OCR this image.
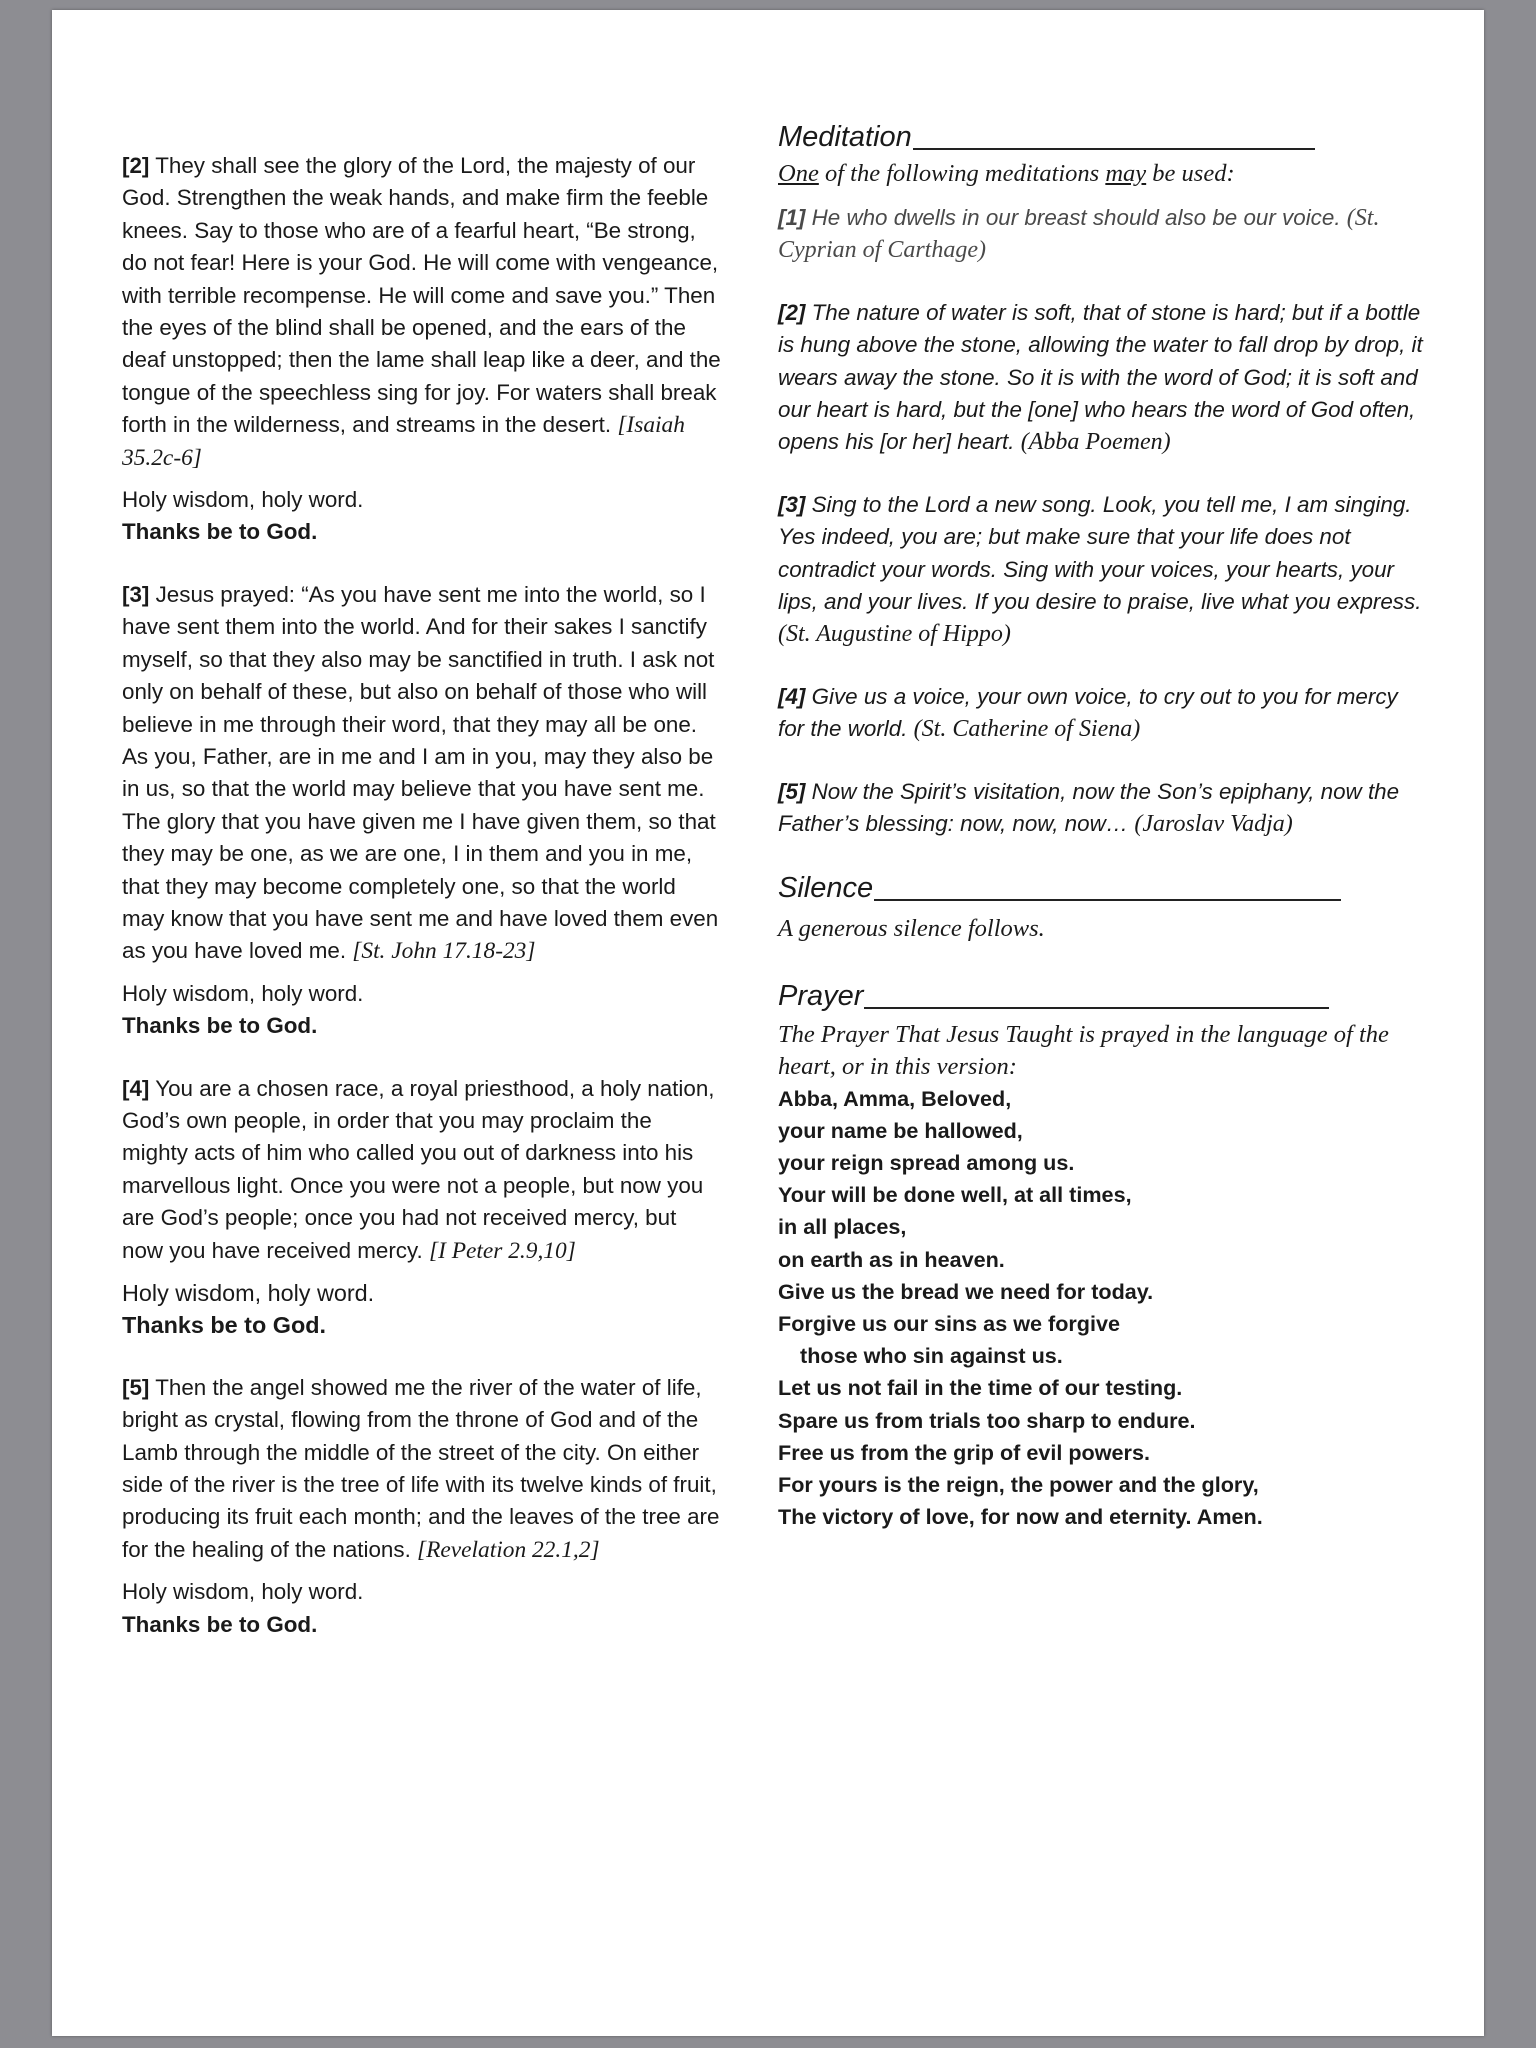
[2] They shall see the glory of the Lord, the majesty of our God. Strengthen the weak hands, and make firm the feeble knees. Say to those who are of a fearful heart, “Be strong, do not fear! Here is your God. He will come with vengeance, with terrible recompense. He will come and save you.” Then the eyes of the blind shall be opened, and the ears of the deaf unstopped; then the lame shall leap like a deer, and the tongue of the speechless sing for joy. For waters shall break forth in the wilderness, and streams in the desert. [Isaiah 35.2c-6]

Holy wisdom, holy word.
Thanks be to God.

[3] Jesus prayed: “As you have sent me into the world, so I have sent them into the world. And for their sakes I sanctify myself, so that they also may be sanctified in truth. I ask not only on behalf of these, but also on behalf of those who will believe in me through their word, that they may all be one. As you, Father, are in me and I am in you, may they also be in us, so that the world may believe that you have sent me. The glory that you have given me I have given them, so that they may be one, as we are one, I in them and you in me, that they may become completely one, so that the world may know that you have sent me and have loved them even as you have loved me. [St. John 17.18-23]

Holy wisdom, holy word.
Thanks be to God.

[4] You are a chosen race, a royal priesthood, a holy nation, God’s own people, in order that you may proclaim the mighty acts of him who called you out of darkness into his marvellous light. Once you were not a people, but now you are God’s people; once you had not received mercy, but now you have received mercy. [I Peter 2.9,10]

Holy wisdom, holy word.
Thanks be to God.

[5] Then the angel showed me the river of the water of life, bright as crystal, flowing from the throne of God and of the Lamb through the middle of the street of the city. On either side of the river is the tree of life with its twelve kinds of fruit, producing its fruit each month; and the leaves of the tree are for the healing of the nations. [Revelation 22.1,2]

Holy wisdom, holy word.
Thanks be to God.

Meditation

One of the following meditations may be used:

[1] He who dwells in our breast should also be our voice. (St. Cyprian of Carthage)

[2] The nature of water is soft, that of stone is hard; but if a bottle is hung above the stone, allowing the water to fall drop by drop, it wears away the stone. So it is with the word of God; it is soft and our heart is hard, but the [one] who hears the word of God often, opens his [or her] heart. (Abba Poemen)

[3] Sing to the Lord a new song. Look, you tell me, I am singing. Yes indeed, you are; but make sure that your life does not contradict your words. Sing with your voices, your hearts, your lips, and your lives. If you desire to praise, live what you express. (St. Augustine of Hippo)

[4] Give us a voice, your own voice, to cry out to you for mercy for the world. (St. Catherine of Siena)

[5] Now the Spirit’s visitation, now the Son’s epiphany, now the Father’s blessing: now, now, now… (Jaroslav Vadja)

Silence

A generous silence follows.

Prayer

The Prayer That Jesus Taught is prayed in the language of the heart, or in this version:

Abba, Amma, Beloved,
your name be hallowed,
your reign spread among us.
Your will be done well, at all times,
in all places,
on earth as in heaven.
Give us the bread we need for today.
Forgive us our sins as we forgive
those who sin against us.
Let us not fail in the time of our testing.
Spare us from trials too sharp to endure.
Free us from the grip of evil powers.
For yours is the reign, the power and the glory,
The victory of love, for now and eternity. Amen.
